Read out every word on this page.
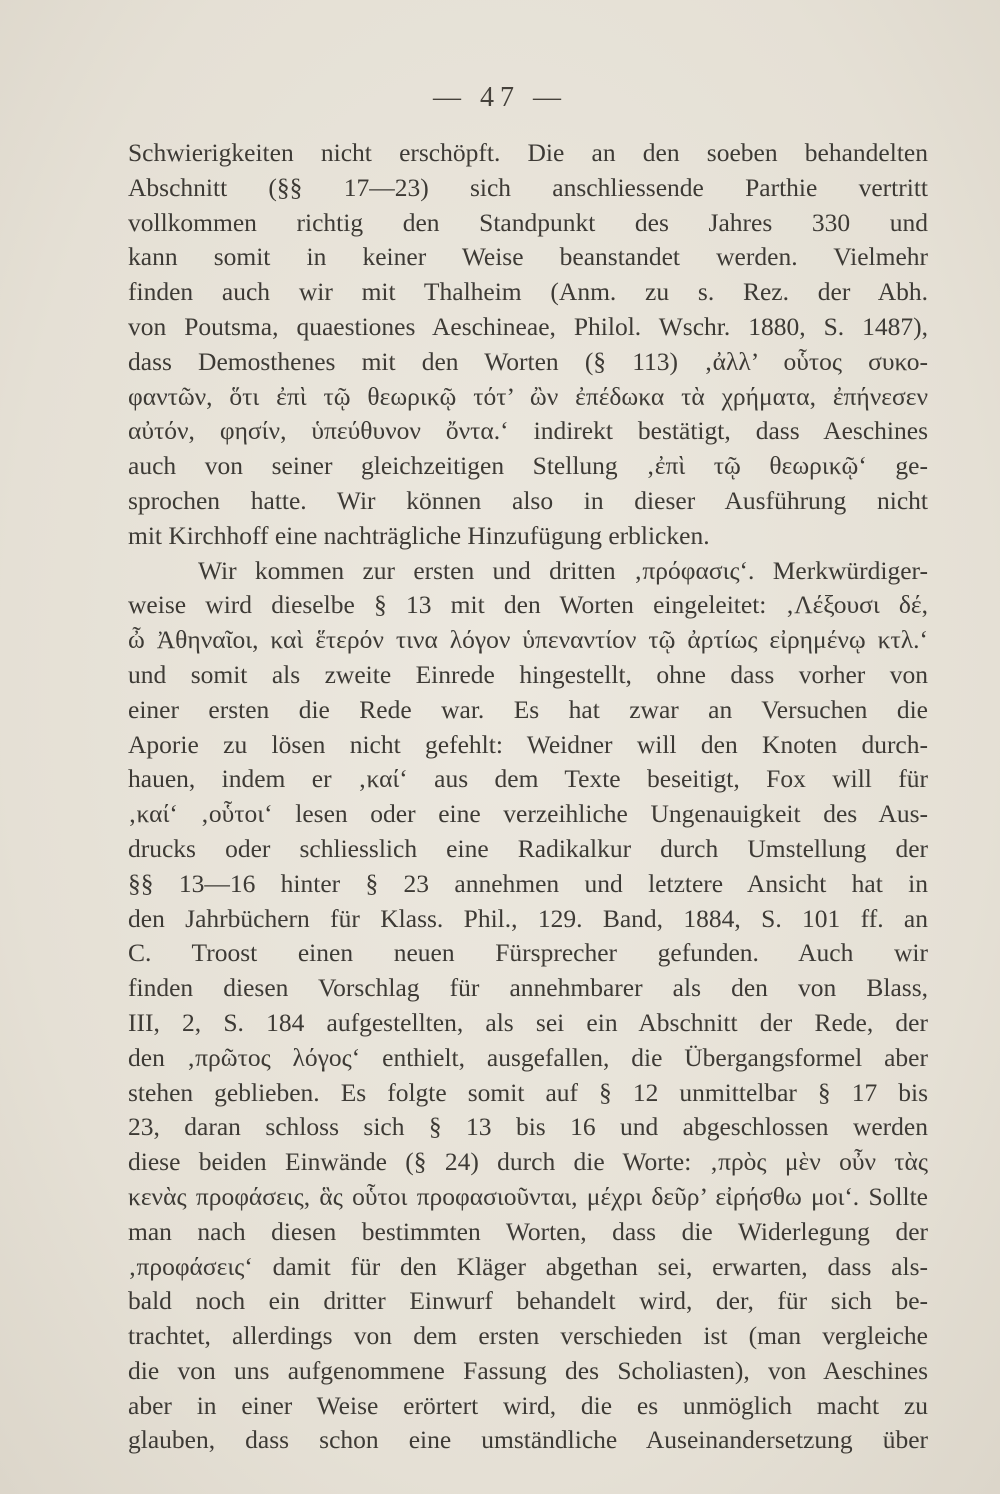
— 47 —
Schwierigkeiten nicht erschöpft. Die an den soeben behandelten
Abschnitt (§§ 17—23) sich anschliessende Parthie vertritt
vollkommen richtig den Standpunkt des Jahres 330 und
kann somit in keiner Weise beanstandet werden. Vielmehr
finden auch wir mit Thalheim (Anm. zu s. Rez. der Abh.
von Poutsma, quaestiones Aeschineae, Philol. Wschr. 1880, S. 1487),
dass Demosthenes mit den Worten (§ 113) ‚ἀλλ’ οὗτος συκο-
φαντῶν, ὅτι ἐπὶ τῷ θεωρικῷ τότ’ ὢν ἐπέδωκα τὰ χρήματα, ἐπήνεσεν
αὐτόν, φησίν, ὑπεύθυνον ὄντα.‘ indirekt bestätigt, dass Aeschines
auch von seiner gleichzeitigen Stellung ‚ἐπὶ τῷ θεωρικῷ‘ ge-
sprochen hatte. Wir können also in dieser Ausführung nicht
mit Kirchhoff eine nachträgliche Hinzufügung erblicken.
Wir kommen zur ersten und dritten ‚πρόφασις‘. Merkwürdiger-
weise wird dieselbe § 13 mit den Worten eingeleitet: ‚Λέξουσι δέ,
ὦ Ἀθηναῖοι, καὶ ἕτερόν τινα λόγον ὑπεναντίον τῷ ἀρτίως εἰρημένῳ κτλ.‘
und somit als zweite Einrede hingestellt, ohne dass vorher von
einer ersten die Rede war. Es hat zwar an Versuchen die
Aporie zu lösen nicht gefehlt: Weidner will den Knoten durch-
hauen, indem er ‚καί‘ aus dem Texte beseitigt, Fox will für
‚καί‘ ‚οὗτοι‘ lesen oder eine verzeihliche Ungenauigkeit des Aus-
drucks oder schliesslich eine Radikalkur durch Umstellung der
§§ 13—16 hinter § 23 annehmen und letztere Ansicht hat in
den Jahrbüchern für Klass. Phil., 129. Band, 1884, S. 101 ff. an
C. Troost einen neuen Fürsprecher gefunden. Auch wir
finden diesen Vorschlag für annehmbarer als den von Blass,
III, 2, S. 184 aufgestellten, als sei ein Abschnitt der Rede, der
den ‚πρῶτος λόγος‘ enthielt, ausgefallen, die Übergangsformel aber
stehen geblieben. Es folgte somit auf § 12 unmittelbar § 17 bis
23, daran schloss sich § 13 bis 16 und abgeschlossen werden
diese beiden Einwände (§ 24) durch die Worte: ‚πρὸς μὲν οὖν τὰς
κενὰς προφάσεις, ἃς οὗτοι προφασιοῦνται, μέχρι δεῦρ’ εἰρήσθω μοι‘. Sollte
man nach diesen bestimmten Worten, dass die Widerlegung der
‚προφάσεις‘ damit für den Kläger abgethan sei, erwarten, dass als-
bald noch ein dritter Einwurf behandelt wird, der, für sich be-
trachtet, allerdings von dem ersten verschieden ist (man vergleiche
die von uns aufgenommene Fassung des Scholiasten), von Aeschines
aber in einer Weise erörtert wird, die es unmöglich macht zu
glauben, dass schon eine umständliche Auseinandersetzung über
